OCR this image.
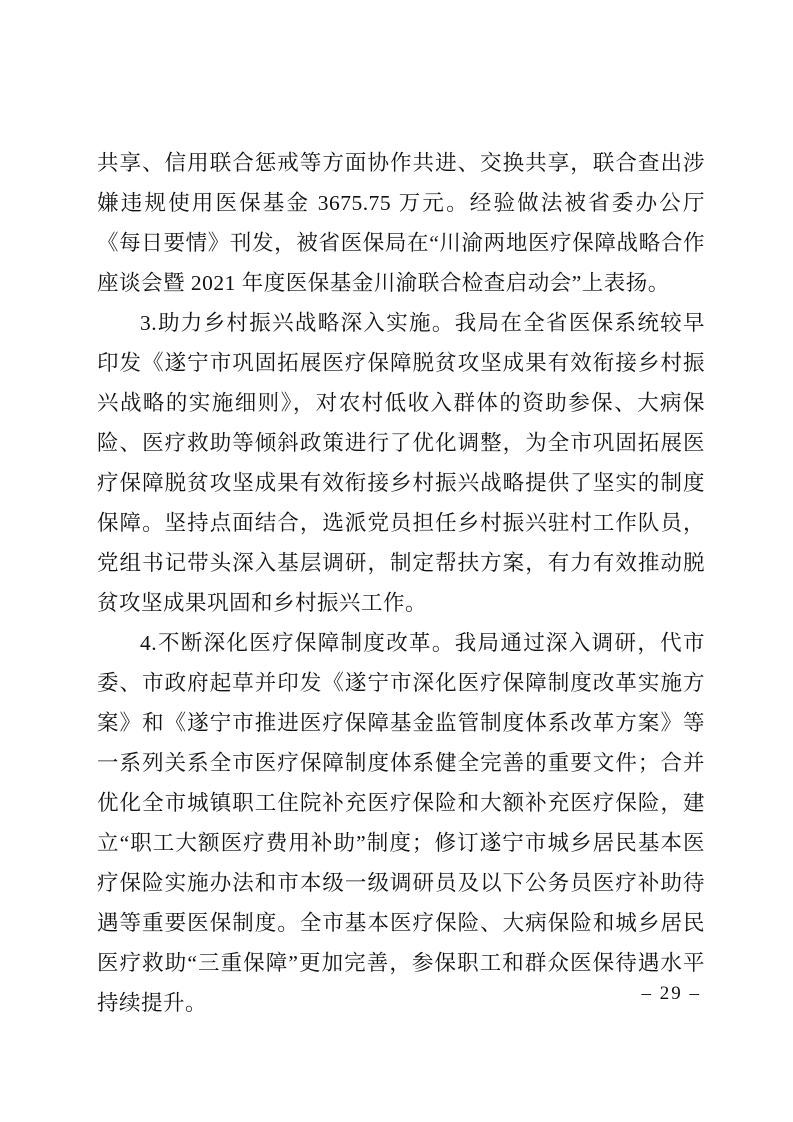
共享、信用联合惩戒等方面协作共进、交换共享，联合查出涉嫌违规使用医保基金 3675.75 万元。经验做法被省委办公厅《每日要情》刊发，被省医保局在“川渝两地医疗保障战略合作座谈会暨 2021 年度医保基金川渝联合检查启动会”上表扬。

3.助力乡村振兴战略深入实施。我局在全省医保系统较早印发《遂宁市巩固拓展医疗保障脱贫攻坚成果有效衔接乡村振兴战略的实施细则》，对农村低收入群体的资助参保、大病保险、医疗救助等倾斜政策进行了优化调整，为全市巩固拓展医疗保障脱贫攻坚成果有效衔接乡村振兴战略提供了坚实的制度保障。坚持点面结合，选派党员担任乡村振兴驻村工作队员，党组书记带头深入基层调研，制定帮扶方案，有力有效推动脱贫攻坚成果巩固和乡村振兴工作。

4.不断深化医疗保障制度改革。我局通过深入调研，代市委、市政府起草并印发《遂宁市深化医疗保障制度改革实施方案》和《遂宁市推进医疗保障基金监管制度体系改革方案》等一系列关系全市医疗保障制度体系健全完善的重要文件；合并优化全市城镇职工住院补充医疗保险和大额补充医疗保险，建立“职工大额医疗费用补助”制度；修订遂宁市城乡居民基本医疗保险实施办法和市本级一级调研员及以下公务员医疗补助待遇等重要医保制度。全市基本医疗保险、大病保险和城乡居民医疗救助“三重保障”更加完善，参保职工和群众医保待遇水平持续提升。	– 29 –
